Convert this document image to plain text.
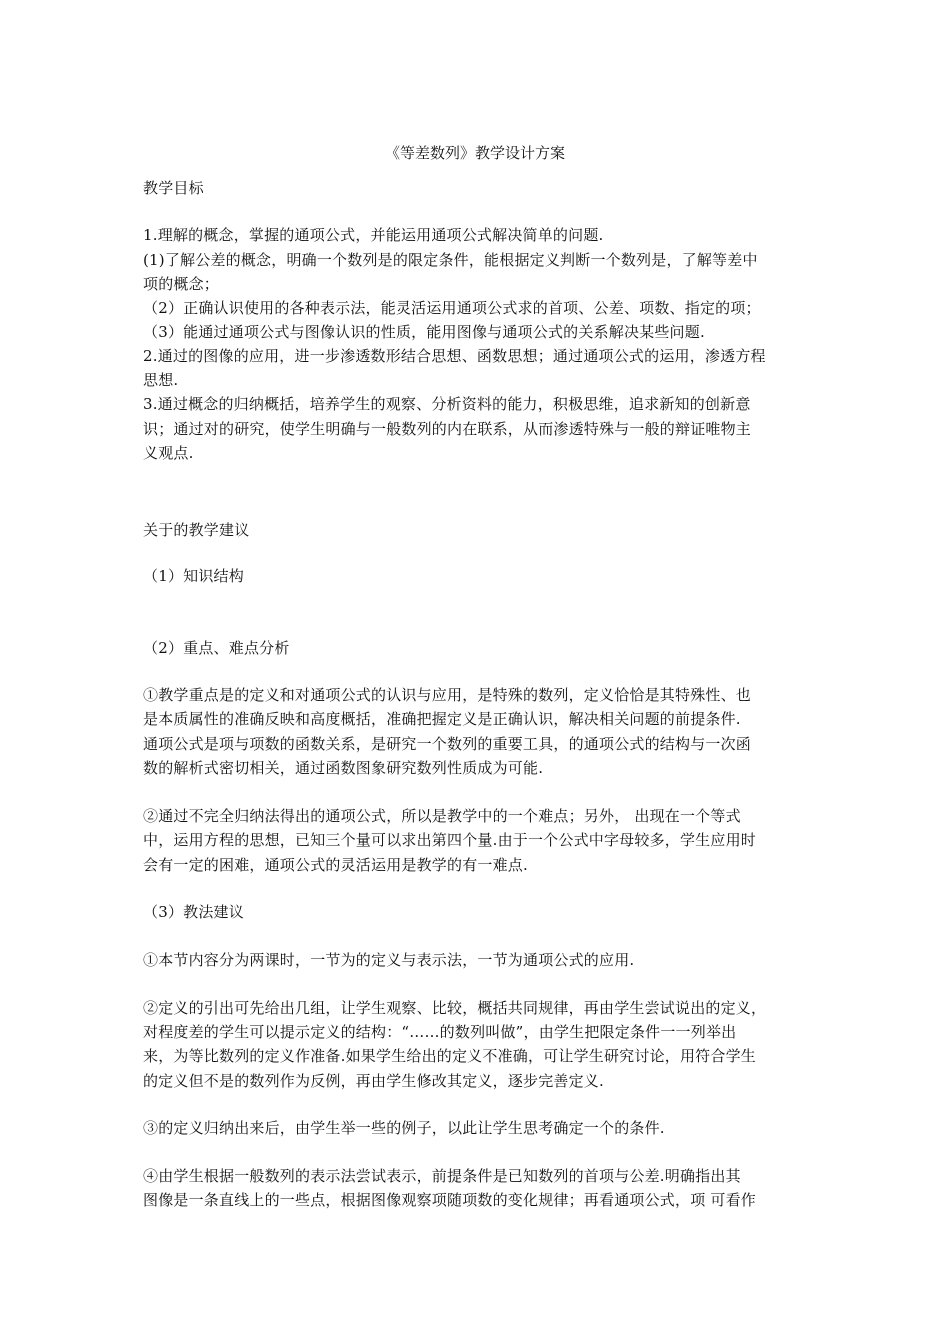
《等差数列》教学设计方案
教学目标
1.理解的概念，掌握的通项公式，并能运用通项公式解决简单的问题.
(1)了解公差的概念，明确一个数列是的限定条件，能根据定义判断一个数列是，了解等差中
项的概念；
（2）正确认识使用的各种表示法，能灵活运用通项公式求的首项、公差、项数、指定的项；
（3）能通过通项公式与图像认识的性质，能用图像与通项公式的关系解决某些问题.
2.通过的图像的应用，进一步渗透数形结合思想、函数思想；通过通项公式的运用，渗透方程
思想.
3.通过概念的归纳概括，培养学生的观察、分析资料的能力，积极思维，追求新知的创新意
识；通过对的研究，使学生明确与一般数列的内在联系，从而渗透特殊与一般的辩证唯物主
义观点.
关于的教学建议
（1）知识结构
（2）重点、难点分析
①教学重点是的定义和对通项公式的认识与应用，是特殊的数列，定义恰恰是其特殊性、也
是本质属性的准确反映和高度概括，准确把握定义是正确认识，解决相关问题的前提条件.
通项公式是项与项数的函数关系，是研究一个数列的重要工具，的通项公式的结构与一次函
数的解析式密切相关，通过函数图象研究数列性质成为可能.
②通过不完全归纳法得出的通项公式，所以是教学中的一个难点；另外， 出现在一个等式
中，运用方程的思想，已知三个量可以求出第四个量.由于一个公式中字母较多，学生应用时
会有一定的困难，通项公式的灵活运用是教学的有一难点.
（3）教法建议
①本节内容分为两课时，一节为的定义与表示法，一节为通项公式的应用.
②定义的引出可先给出几组，让学生观察、比较，概括共同规律，再由学生尝试说出的定义，
对程度差的学生可以提示定义的结构：“……的数列叫做”，由学生把限定条件一一列举出
来，为等比数列的定义作准备.如果学生给出的定义不准确，可让学生研究讨论，用符合学生
的定义但不是的数列作为反例，再由学生修改其定义，逐步完善定义.
③的定义归纳出来后，由学生举一些的例子，以此让学生思考确定一个的条件.
④由学生根据一般数列的表示法尝试表示，前提条件是已知数列的首项与公差.明确指出其
图像是一条直线上的一些点，根据图像观察项随项数的变化规律；再看通项公式，项 可看作
